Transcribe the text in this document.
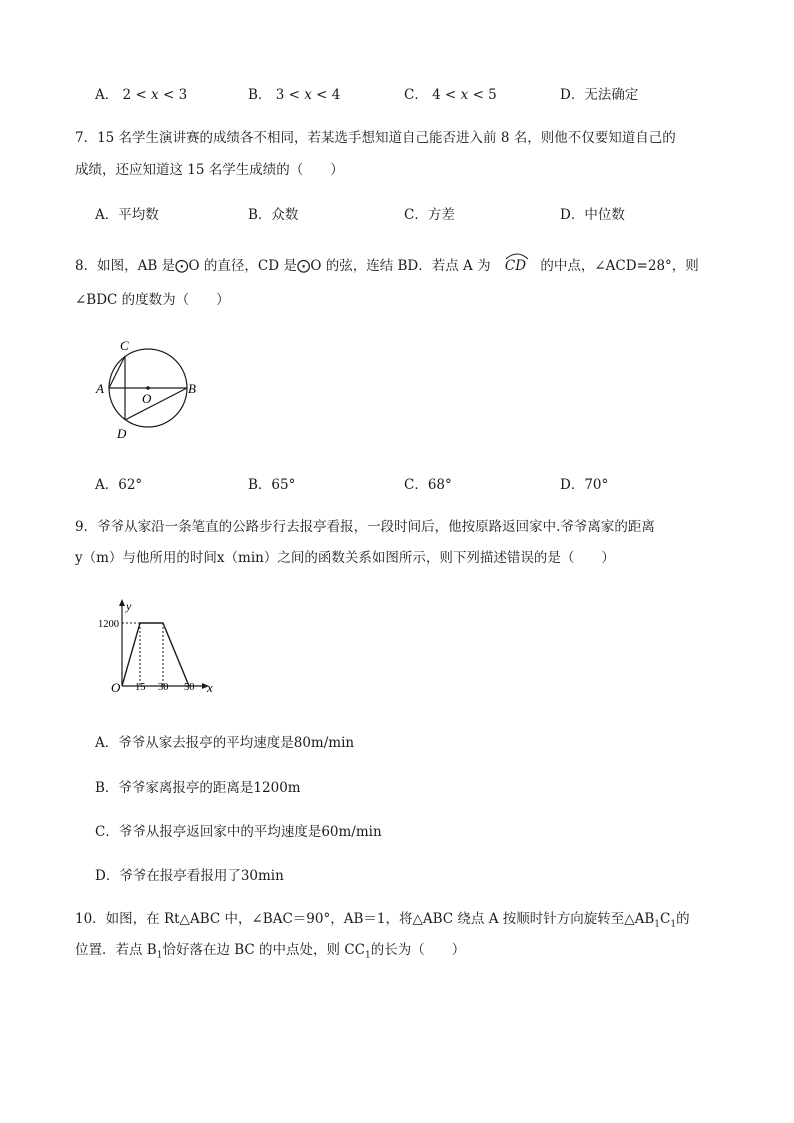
A． 2 < x < 3	B． 3 < x < 4	C． 4 < x < 5	D．无法确定
7．15 名学生演讲赛的成绩各不相同，若某选手想知道自己能否进入前 8 名，则他不仅要知道自己的
成绩，还应知道这 15 名学生成绩的（　　）
A．平均数	B．众数	C．方差	D．中位数
8．如图，AB 是⨀O 的直径，CD 是⨀O 的弦，连结 BD．若点 A 为 CD 的中点，∠ACD=28°，则
∠BDC 的度数为（　　）
C
A	B
O
D
A．62°	B．65°	C．68°	D．70°
9．爷爷从家沿一条笔直的公路步行去报亭看报，一段时间后，他按原路返回家中.爷爷离家的距离
y（m）与他所用的时间x（min）之间的函数关系如图所示，则下列描述错误的是（　　）
y
x
O
1200
15 30 50
A．爷爷从家去报亭的平均速度是80m/min
B．爷爷家离报亭的距离是1200m
C．爷爷从报亭返回家中的平均速度是60m/min
D．爷爷在报亭看报用了30min
10．如图，在 Rt△ABC 中，∠BAC＝90°，AB＝1，将△ABC 绕点 A 按顺时针方向旋转至$\triangle AB_1C_1$的
位置．若点 $B_1$恰好落在边 BC 的中点处，则 $CC_1$的长为（　　）
